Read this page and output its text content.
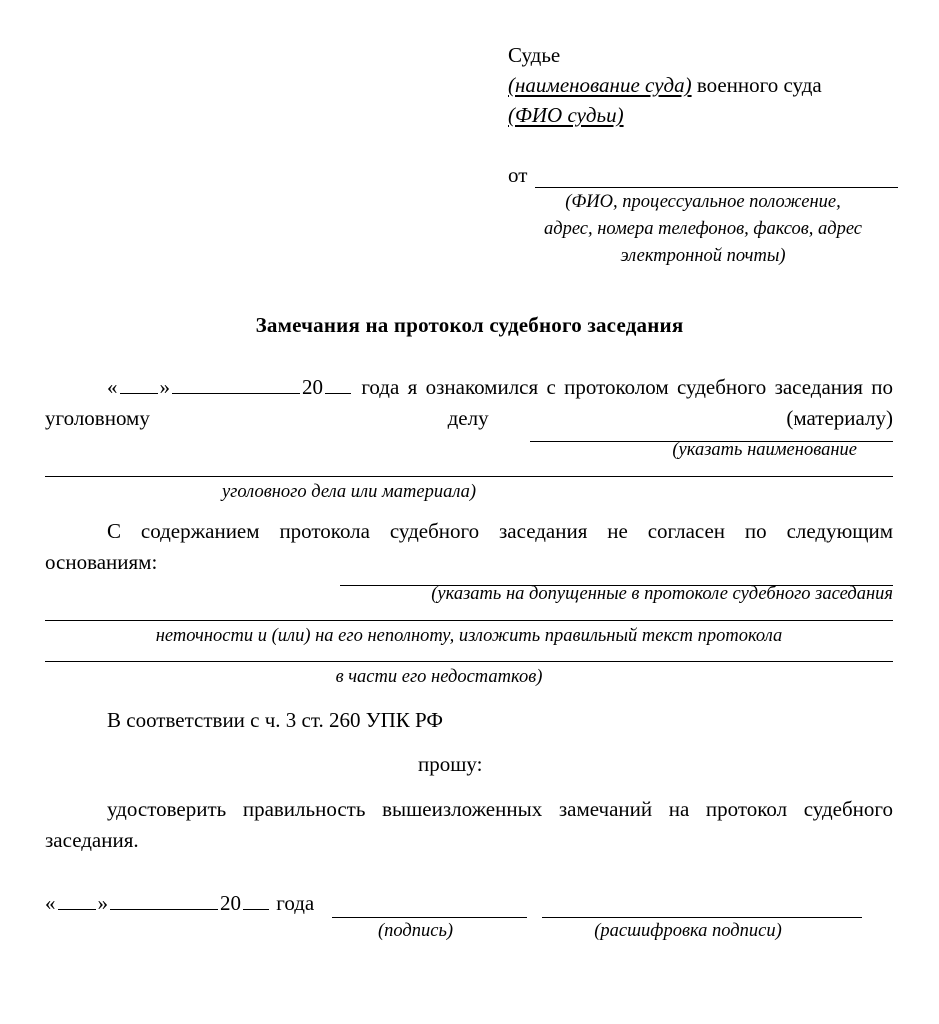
Судье
(наименование суда) военного суда
(ФИО судьи)
от
(ФИО, процессуальное положение,
адрес, номера телефонов, факсов, адрес
электронной почты)
Замечания на протокол судебного заседания
« »	20 года я ознакомился с протоколом судебного заседания по уголовному делу (материалу)
(указать наименование
уголовного дела или материала)
С содержанием протокола судебного заседания не согласен по следующим основаниям:
(указать на допущенные в протоколе судебного заседания
неточности и (или) на его неполноту, изложить правильный текст протокола
в части его недостатков)
В соответствии с ч. 3 ст. 260 УПК РФ
прошу:
удостоверить правильность вышеизложенных замечаний на протокол судебного заседания.
« »	20 года
(подпись)	(расшифровка подписи)
